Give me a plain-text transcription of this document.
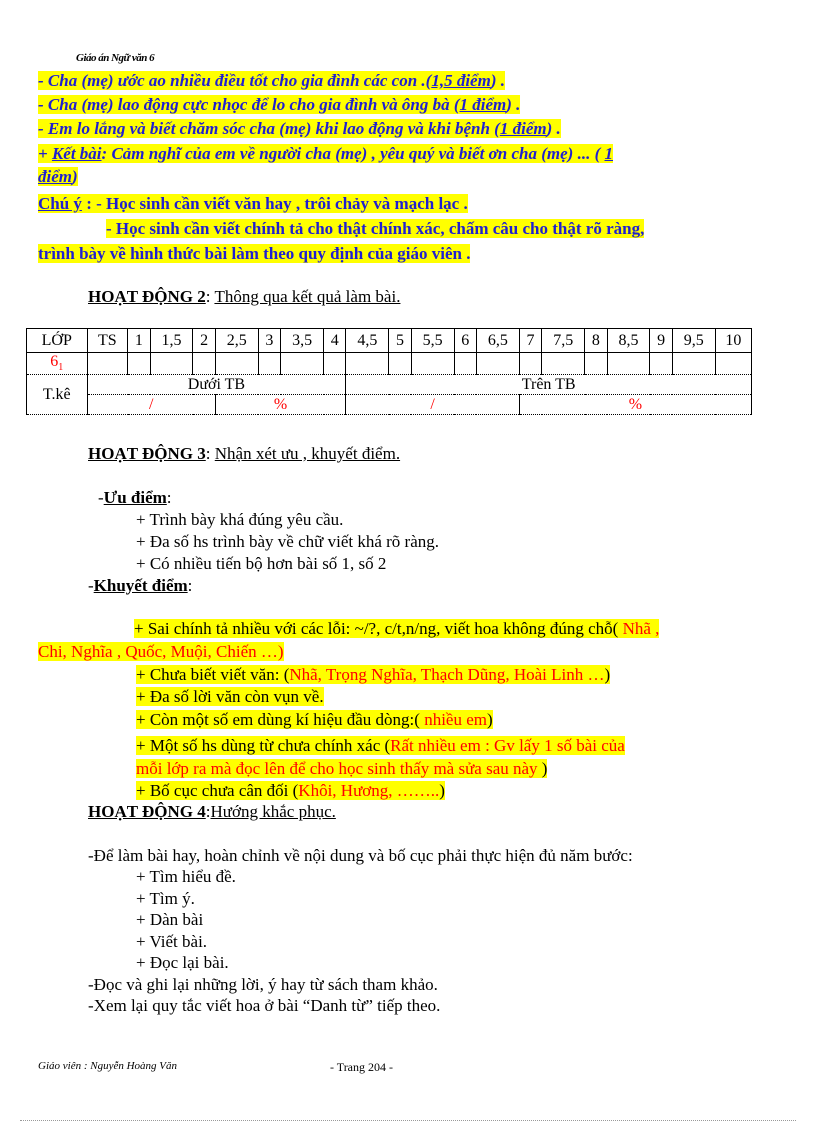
Giáo án Ngữ văn 6
- Cha (mẹ) ước ao nhiều điều tốt cho gia đình các con .(1,5 điểm) .
- Cha (mẹ) lao động cực nhọc để lo cho gia đình và ông bà (1 điểm) .
- Em lo lắng và biết chăm sóc cha (mẹ) khi lao động và khi bệnh (1 điểm) .
+ Kết bài: Cảm nghĩ của em về người cha (mẹ) , yêu quý và biết ơn cha (mẹ) ... ( 1
điểm)
Chú ý : - Học sinh cần viết văn hay , trôi chảy và mạch lạc .
- Học sinh cần viết chính tả cho thật chính xác, chấm câu cho thật rõ ràng,
trình bày về hình thức bài làm theo quy định của giáo viên .
HOẠT ĐỘNG 2: Thông qua kết quả làm bài.
LỚP	TS	1	1,5	2	2,5	3	3,5	4	4,5	5	5,5	6	6,5	7	7,5	8	8,5	9	9,5	10
$6_1$																				
T.kê	Dưới TB								Trên TB											
	/				%				/					%						
HOẠT ĐỘNG 3: Nhận xét ưu , khuyết điểm.
-Ưu điểm:
+ Trình bày khá đúng yêu cầu.
+ Đa số hs trình bày về chữ viết khá rõ ràng.
+ Có nhiều tiến bộ hơn bài số 1, số 2
-Khuyết điểm:
+ Sai chính tả nhiều với các lỗi: ~/?, c/t,n/ng, viết hoa không đúng chỗ( Nhã ,
Chi, Nghĩa , Quốc, Muội, Chiến …)
+ Chưa biết viết văn: (Nhã, Trọng Nghĩa, Thạch Dũng, Hoài Linh …)
+ Đa số lời văn còn vụn về.
+ Còn một số em dùng kí hiệu đầu dòng:( nhiều em)
+ Một số hs dùng từ chưa chính xác (Rất nhiều em : Gv lấy 1 số bài của
mỗi lớp ra mà đọc lên để cho học sinh thấy mà sửa sau này )
+ Bố cục chưa cân đối (Khôi, Hương, ……..)
HOẠT ĐỘNG 4:Hướng khắc phục.
-Để làm bài hay, hoàn chỉnh về nội dung và bố cục phải thực hiện đủ năm bước:
+ Tìm hiểu đề.
+ Tìm ý.
+ Dàn bài
+ Viết bài.
+ Đọc lại bài.
-Đọc và ghi lại những lời, ý hay từ sách tham khảo.
-Xem lại quy tắc viết hoa ở bài “Danh từ” tiếp theo.
Giáo viên : Nguyễn Hoàng Văn	- Trang 204 -
